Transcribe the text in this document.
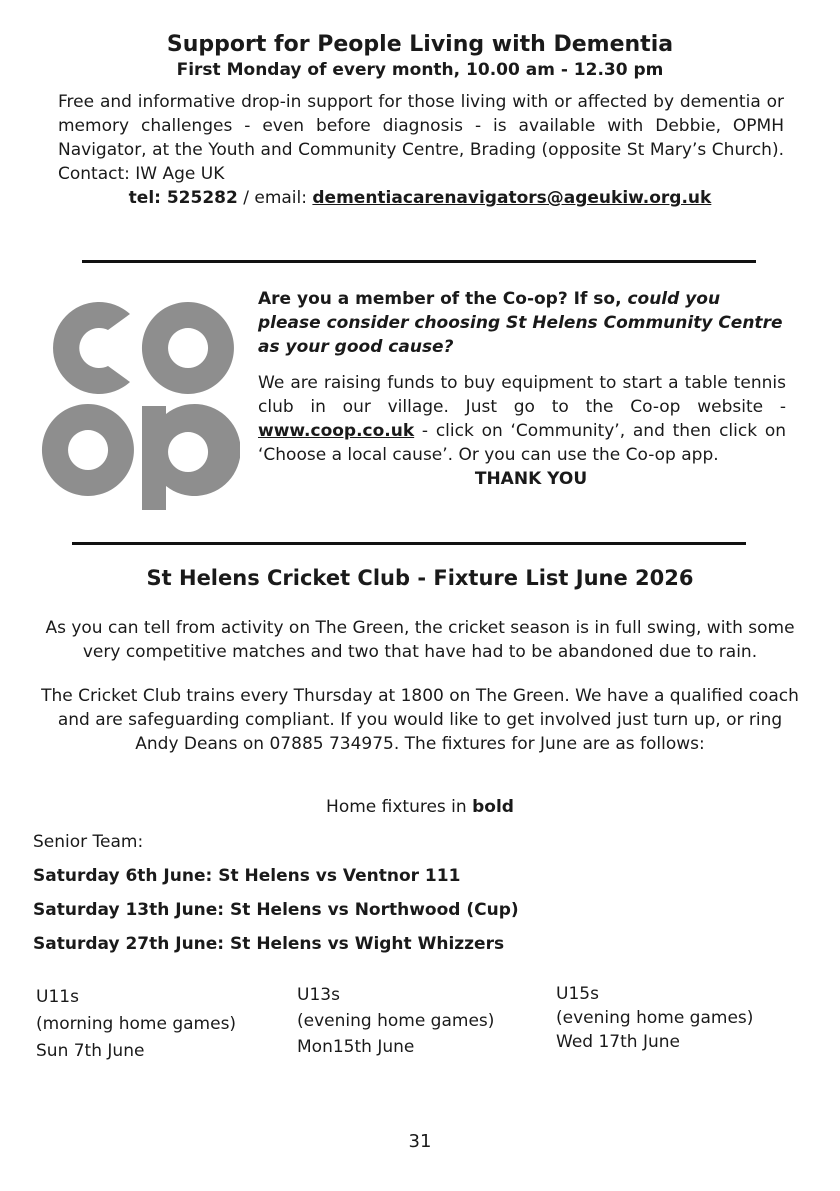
Support for People Living with Dementia
First Monday of every month, 10.00 am - 12.30 pm
Free and informative drop-in support for those living with or affected by dementia or memory challenges - even before diagnosis - is available with Debbie, OPMH Navigator, at the Youth and Community Centre, Brading (opposite St Mary’s Church). Contact: IW Age UK
tel: 525282 / email: dementiacarenavigators@ageukiw.org.uk
Are you a member of the Co-op? If so, could you please consider choosing St Helens Community Centre as your good cause?
We are raising funds to buy equipment to start a table tennis club in our village. Just go to the Co-op website - www.coop.co.uk - click on ‘Community’, and then click on ‘Choose a local cause’. Or you can use the Co-op app.
THANK YOU
St Helens Cricket Club - Fixture List June 2026
As you can tell from activity on The Green, the cricket season is in full swing, with some very competitive matches and two that have had to be abandoned due to rain.
The Cricket Club trains every Thursday at 1800 on The Green. We have a qualified coach and are safeguarding compliant. If you would like to get involved just turn up, or ring Andy Deans on 07885 734975. The fixtures for June are as follows:
Home fixtures in bold
Senior Team:
Saturday 6th June: St Helens vs Ventnor 111
Saturday 13th June: St Helens vs Northwood (Cup)
Saturday 27th June: St Helens vs Wight Whizzers
U11s
(morning home games)
Sun 7th June
U13s
(evening home games)
Mon15th June
U15s
(evening home games)
Wed 17th June
31
